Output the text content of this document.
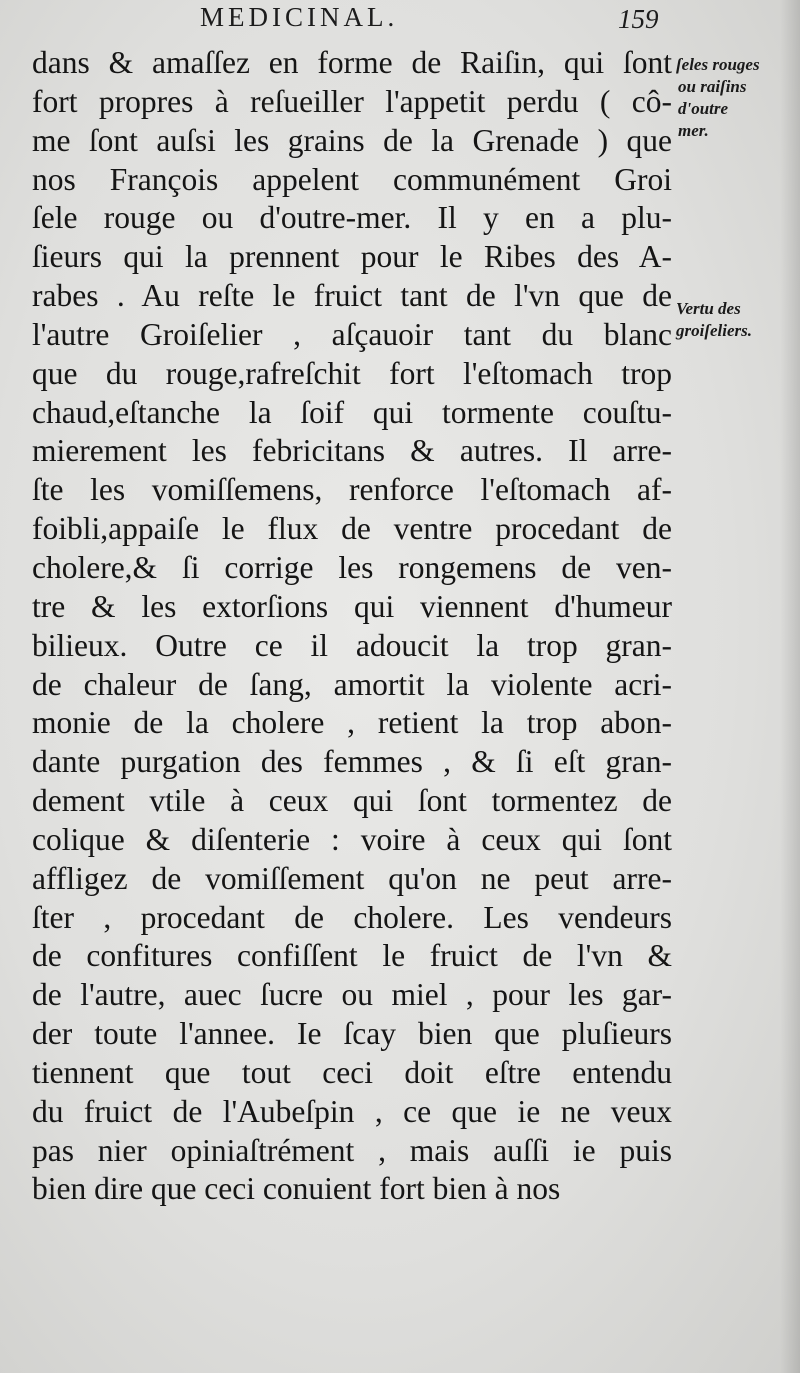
MEDICINAL.	159
dans & amaſſez en forme de Raiſin, qui ſont
fort propres à reſueiller l'appetit perdu ( cô-
me ſont auſsi les grains de la Grenade ) que
nos François appelent communément Groi
ſele rouge ou d'outre-mer. Il y en a plu-
ſieurs qui la prennent pour le Ribes des A-
rabes . Au reſte le fruict tant de l'vn que de
l'autre Groiſelier , aſçauoir tant du blanc
que du rouge,rafreſchit fort l'eſtomach trop
chaud,eſtanche la ſoif qui tormente couſtu-
mierement les febricitans & autres. Il arre-
ſte les vomiſſemens, renforce l'eſtomach af-
foibli,appaiſe le flux de ventre procedant de
cholere,& ſi corrige les rongemens de ven-
tre & les extorſions qui viennent d'humeur
bilieux. Outre ce il adoucit la trop gran-
de chaleur de ſang, amortit la violente acri-
monie de la cholere , retient la trop abon-
dante purgation des femmes , & ſi eſt gran-
dement vtile à ceux qui ſont tormentez de
colique & diſenterie : voire à ceux qui ſont
affligez de vomiſſement qu'on ne peut arre-
ſter , procedant de cholere. Les vendeurs
de confitures confiſſent le fruict de l'vn &
de l'autre, auec ſucre ou miel , pour les gar-
der toute l'annee. Ie ſcay bien que pluſieurs
tiennent que tout ceci doit eſtre entendu
du fruict de l'Aubeſpin , ce que ie ne veux
pas nier opiniaſtrément , mais auſſi ie puis
bien dire que ceci conuient fort bien à nos
ſeles rouges
ou raiſins
d'outre
mer.
Vertu des
groiſeliers.
